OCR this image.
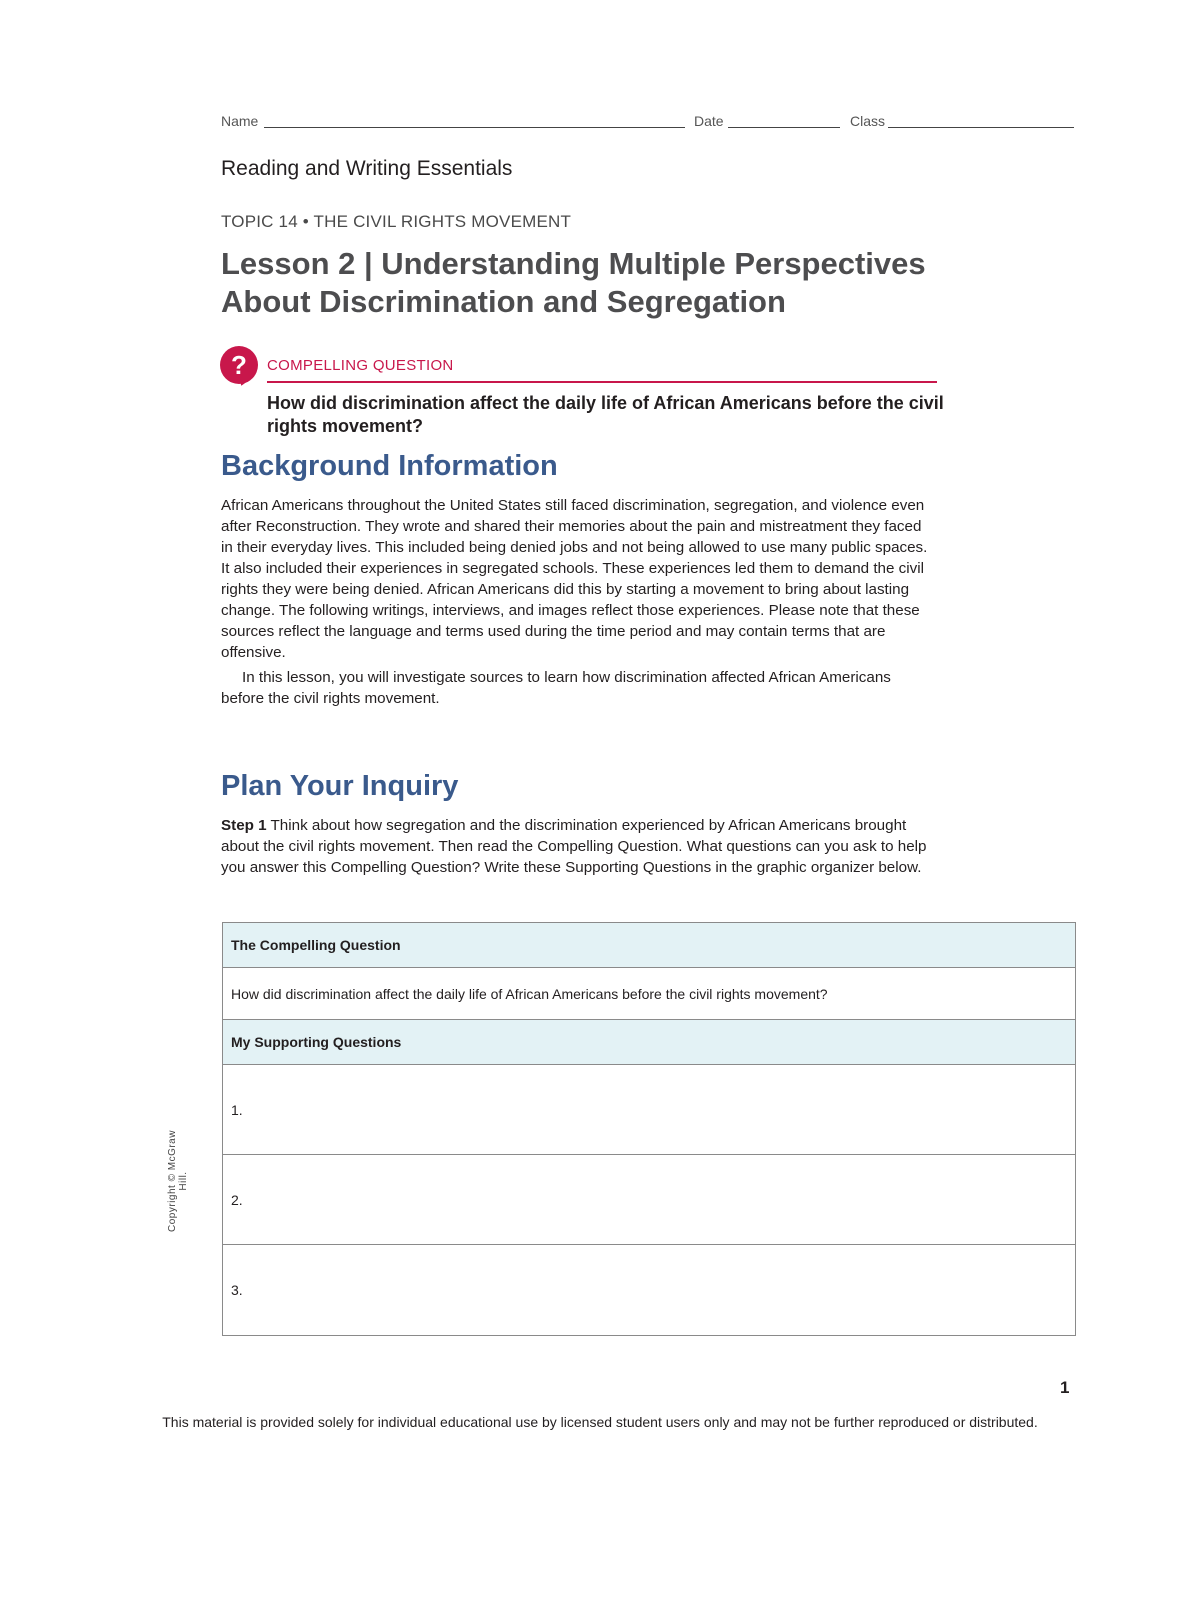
Name	Date	Class
Reading and Writing Essentials
TOPIC 14 • THE CIVIL RIGHTS MOVEMENT
Lesson 2 | Understanding Multiple Perspectives
About Discrimination and Segregation
?	COMPELLING QUESTION
How did discrimination affect the daily life of African Americans before the civil rights movement?
Background Information

African Americans throughout the United States still faced discrimination, segregation, and violence even after Reconstruction. They wrote and shared their memories about the pain and mistreatment they faced in their everyday lives. This included being denied jobs and not being allowed to use many public spaces. It also included their experiences in segregated schools. These experiences led them to demand the civil rights they were being denied. African Americans did this by starting a movement to bring about lasting change. The following writings, interviews, and images reflect those experiences. Please note that these sources reflect the language and terms used during the time period and may contain terms that are offensive.

In this lesson, you will investigate sources to learn how discrimination affected African Americans before the civil rights movement.

Plan Your Inquiry
Step 1 Think about how segregation and the discrimination experienced by African Americans brought about the civil rights movement. Then read the Compelling Question. What questions can you ask to help you answer this Compelling Question? Write these Supporting Questions in the graphic organizer below.
The Compelling Question
How did discrimination affect the daily life of African Americans before the civil rights movement?
My Supporting Questions
1.
2.
3.
Copyright © McGraw Hill.
1
This material is provided solely for individual educational use by licensed student users only and may not be further reproduced or distributed.
